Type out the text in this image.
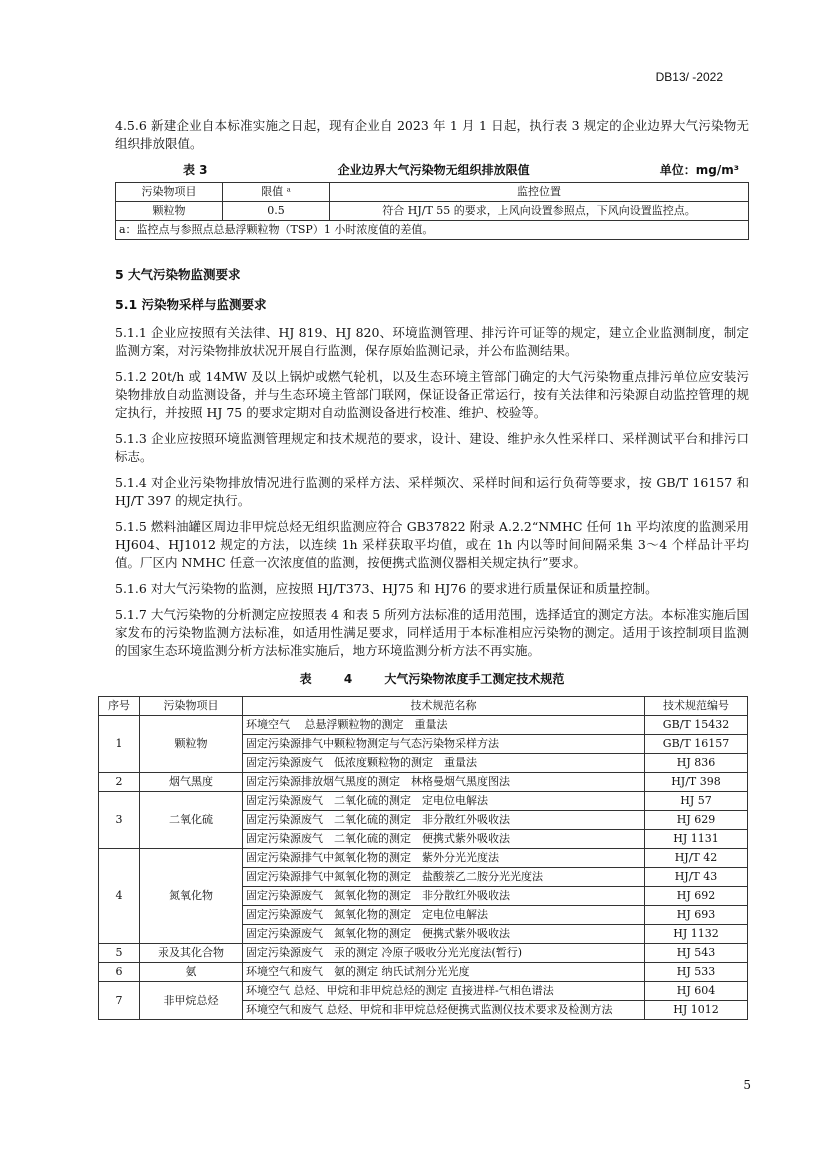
DB13/ -2022

4.5.6 新建企业自本标准实施之日起，现有企业自 2023 年 1 月 1 日起，执行表 3 规定的企业边界大气污染物无组织排放限值。

表 3	企业边界大气污染物无组织排放限值	单位：mg/m³
污染物项目	限值 ᵃ	监控位置
颗粒物	0.5	符合 HJ/T 55 的要求，上风向设置参照点，下风向设置监控点。
a：监控点与参照点总悬浮颗粒物（TSP）1 小时浓度值的差值。		
5 大气污染物监测要求
5.1 污染物采样与监测要求

5.1.1 企业应按照有关法律、HJ 819、HJ 820、环境监测管理、排污许可证等的规定，建立企业监测制度，制定监测方案，对污染物排放状况开展自行监测，保存原始监测记录，并公布监测结果。

5.1.2 20t/h 或 14MW 及以上锅炉或燃气轮机，以及生态环境主管部门确定的大气污染物重点排污单位应安装污染物排放自动监测设备，并与生态环境主管部门联网，保证设备正常运行，按有关法律和污染源自动监控管理的规定执行，并按照 HJ 75 的要求定期对自动监测设备进行校准、维护、校验等。

5.1.3 企业应按照环境监测管理规定和技术规范的要求，设计、建设、维护永久性采样口、采样测试平台和排污口标志。

5.1.4 对企业污染物排放情况进行监测的采样方法、采样频次、采样时间和运行负荷等要求，按 GB/T 16157 和 HJ/T 397 的规定执行。

5.1.5 燃料油罐区周边非甲烷总烃无组织监测应符合 GB37822 附录 A.2.2“NMHC 任何 1h 平均浓度的监测采用 HJ604、HJ1012 规定的方法，以连续 1h 采样获取平均值，或在 1h 内以等时间间隔采集 3～4 个样品计平均值。厂区内 NMHC 任意一次浓度值的监测，按便携式监测仪器相关规定执行”要求。

5.1.6 对大气污染物的监测，应按照 HJ/T373、HJ75 和 HJ76 的要求进行质量保证和质量控制。

5.1.7 大气污染物的分析测定应按照表 4 和表 5 所列方法标准的适用范围，选择适宜的测定方法。本标准实施后国家发布的污染物监测方法标准，如适用性满足要求，同样适用于本标准相应污染物的测定。适用于该控制项目监测的国家生态环境监测分析方法标准实施后，地方环境监测分析方法不再实施。

表 4 大气污染物浓度手工测定技术规范
序号	污染物项目	技术规范名称	技术规范编号
1	颗粒物	环境空气　 总悬浮颗粒物的测定　重量法	GB/T 15432
		固定污染源排气中颗粒物测定与气态污染物采样方法	GB/T 16157
		固定污染源废气　低浓度颗粒物的测定　重量法	HJ 836
2	烟气黑度	固定污染源排放烟气黑度的测定　林格曼烟气黑度图法	HJ/T 398
3	二氧化硫	固定污染源废气　二氧化硫的测定　定电位电解法	HJ 57
		固定污染源废气　二氧化硫的测定　非分散红外吸收法	HJ 629
		固定污染源废气　二氧化硫的测定　便携式紫外吸收法	HJ 1131
4	氮氧化物	固定污染源排气中氮氧化物的测定　紫外分光光度法	HJ/T 42
		固定污染源排气中氮氧化物的测定　盐酸萘乙二胺分光光度法	HJ/T 43
		固定污染源废气　氮氧化物的测定　非分散红外吸收法	HJ 692
		固定污染源废气　氮氧化物的测定　定电位电解法	HJ 693
		固定污染源废气　氮氧化物的测定　便携式紫外吸收法	HJ 1132
5	汞及其化合物	固定污染源废气　汞的测定 冷原子吸收分光光度法(暂行)	HJ 543
6	氨	环境空气和废气　氨的测定 纳氏试剂分光光度	HJ 533
7	非甲烷总烃	环境空气 总烃、甲烷和非甲烷总烃的测定 直接进样-气相色谱法	HJ 604
		环境空气和废气 总烃、甲烷和非甲烷总烃便携式监测仪技术要求及检测方法	HJ 1012
5
